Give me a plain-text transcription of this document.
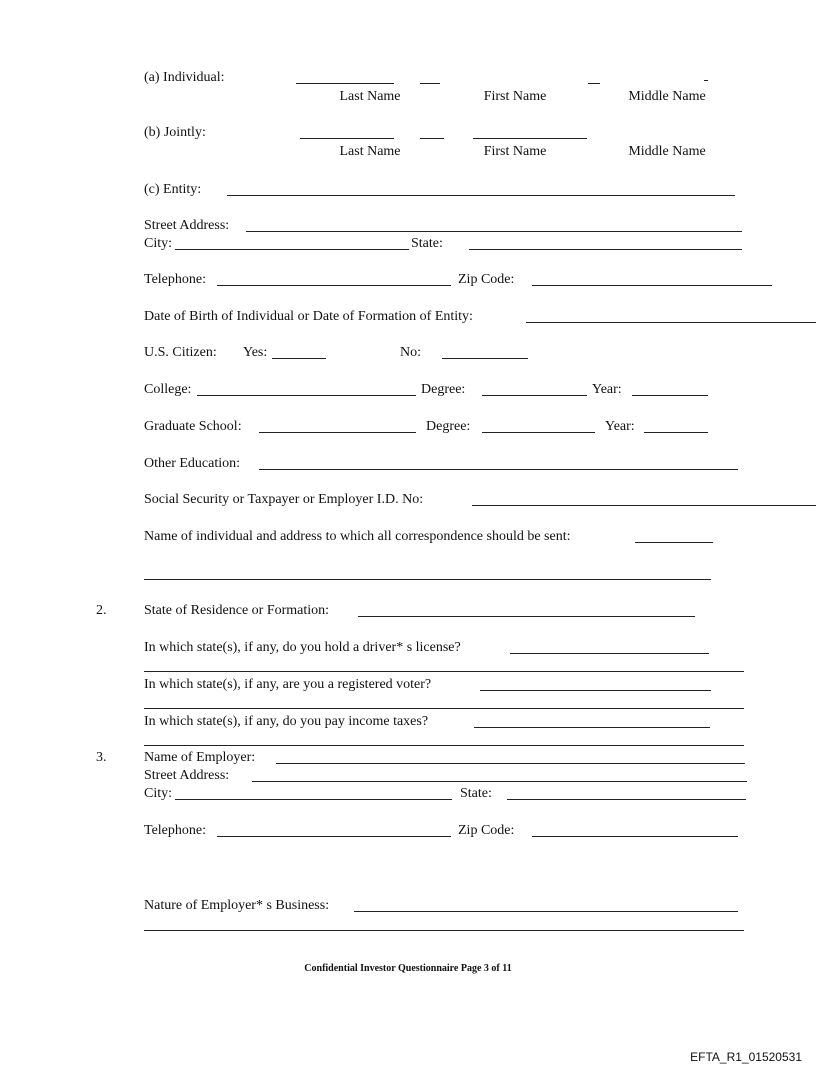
(a) Individual:
Last Name	First Name	Middle Name
(b) Jointly:
Last Name	First Name	Middle Name
(c) Entity:
Street Address:
City:	State:
Telephone:	Zip Code:
Date of Birth of Individual or Date of Formation of Entity:
U.S. Citizen: Yes:	No:
College:	Degree:	Year:
Graduate School:	Degree:	Year:
Other Education:
Social Security or Taxpayer or Employer I.D. No:
Name of individual and address to which all correspondence should be sent:
2.	State of Residence or Formation:
In which state(s), if any, do you hold a driver* s license?
In which state(s), if any, are you a registered voter?
In which state(s), if any, do you pay income taxes?
3.	Name of Employer:
Street Address:
City:	State:
Telephone:	Zip Code:
Nature of Employer* s Business:
Confidential Investor Questionnaire Page 3 of 11
EFTA_R1_01520531
